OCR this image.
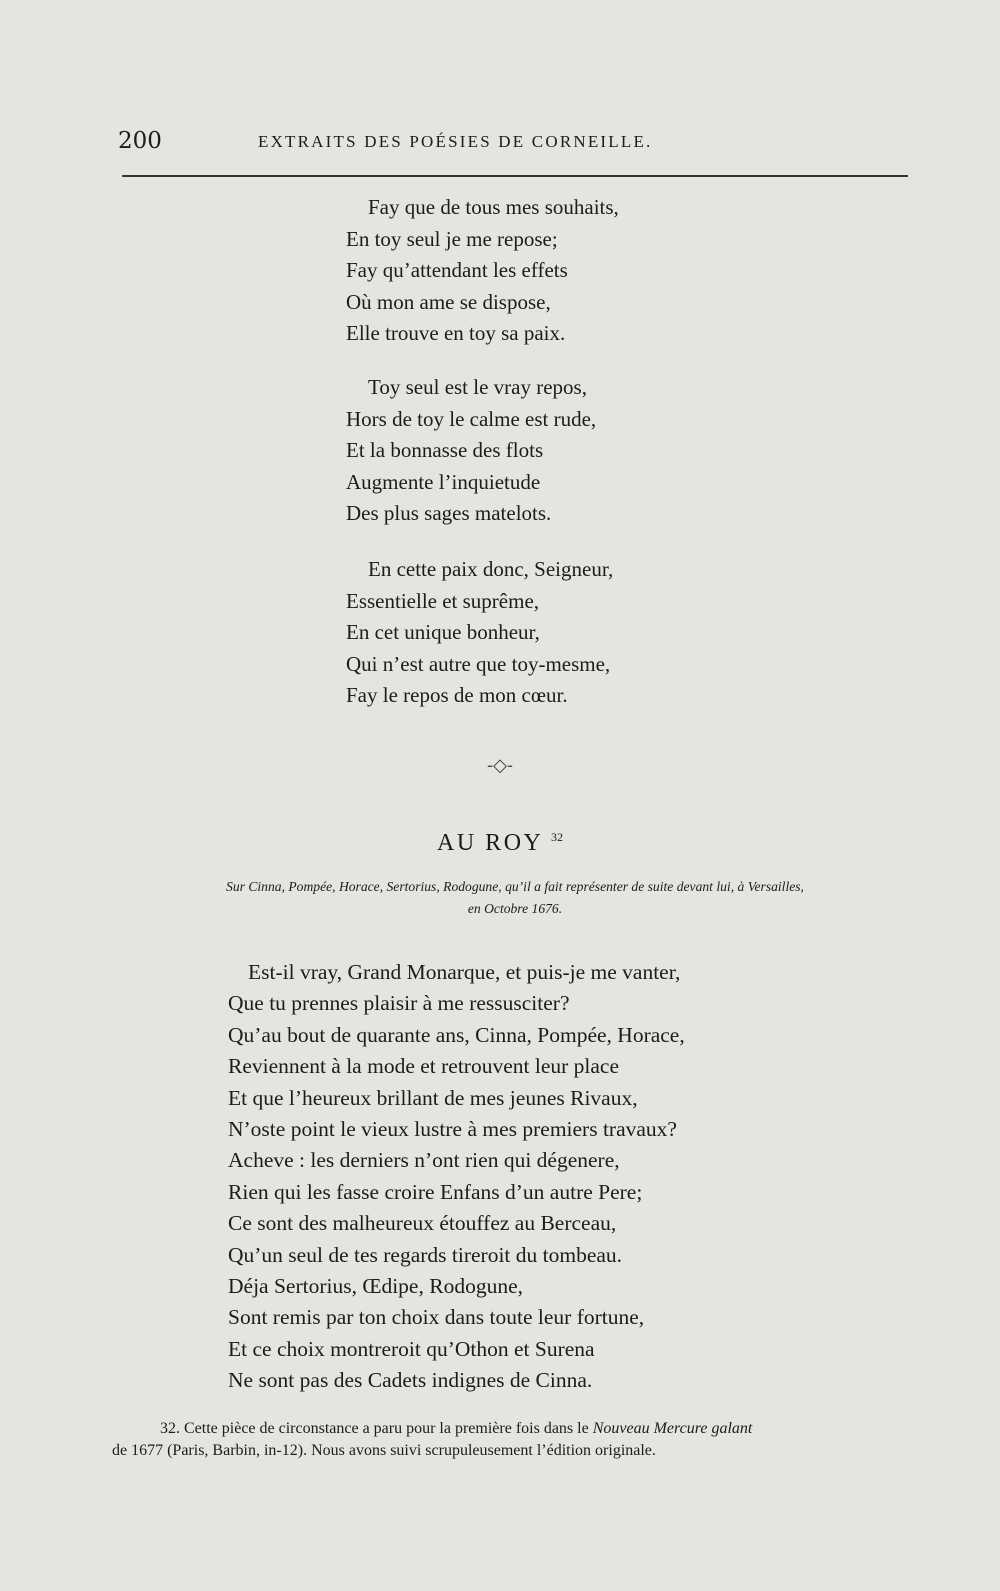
200	EXTRAITS DES POÉSIES DE CORNEILLE.
Fay que de tous mes souhaits,
En toy seul je me repose;
Fay qu’attendant les effets
Où mon ame se dispose,
Elle trouve en toy sa paix.
Toy seul est le vray repos,
Hors de toy le calme est rude,
Et la bonnasse des flots
Augmente l’inquietude
Des plus sages matelots.
En cette paix donc, Seigneur,
Essentielle et suprême,
En cet unique bonheur,
Qui n’est autre que toy-mesme,
Fay le repos de mon cœur.
-◇-
AU ROY $^{32}$
Sur Cinna, Pompée, Horace, Sertorius, Rodogune, qu’il a fait représenter de suite devant lui, à Versailles,
en Octobre 1676.
Est-il vray, Grand Monarque, et puis-je me vanter,
Que tu prennes plaisir à me ressusciter?
Qu’au bout de quarante ans, Cinna, Pompée, Horace,
Reviennent à la mode et retrouvent leur place
Et que l’heureux brillant de mes jeunes Rivaux,
N’oste point le vieux lustre à mes premiers travaux?
Acheve : les derniers n’ont rien qui dégenere,
Rien qui les fasse croire Enfans d’un autre Pere;
Ce sont des malheureux étouffez au Berceau,
Qu’un seul de tes regards tireroit du tombeau.
Déja Sertorius, Œdipe, Rodogune,
Sont remis par ton choix dans toute leur fortune,
Et ce choix montreroit qu’Othon et Surena
Ne sont pas des Cadets indignes de Cinna.
32. Cette pièce de circonstance a paru pour la première fois dans le Nouveau Mercure galant
de 1677 (Paris, Barbin, in-12). Nous avons suivi scrupuleusement l’édition originale.
